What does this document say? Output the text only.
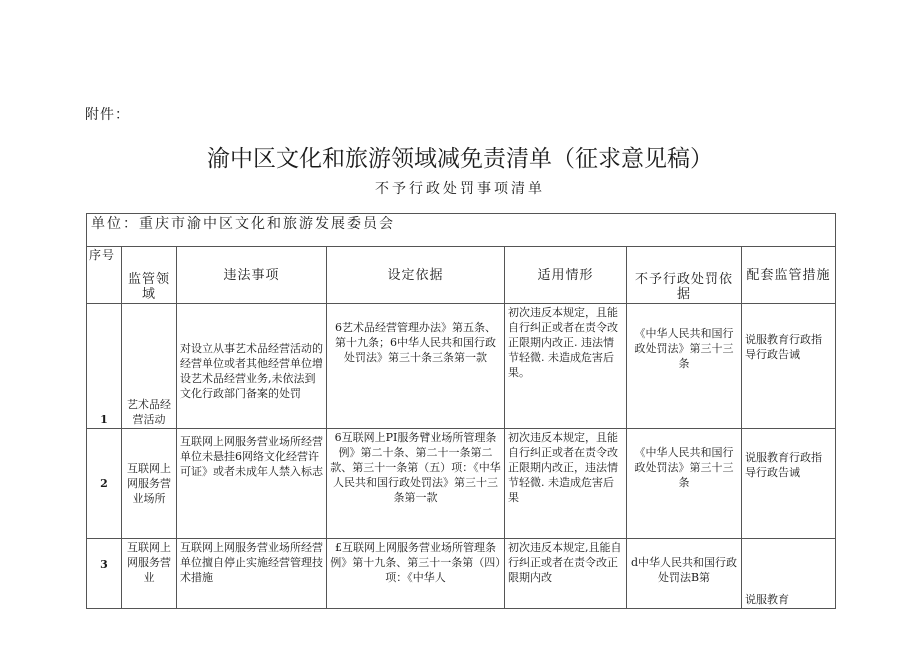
附件：
渝中区文化和旅游领域减免责清单（征求意见稿）
不予行政处罚事项清单
单位：重庆市渝中区文化和旅游发展委员会						
序号	监管领域	违法事项	设定依据	适用情形	不予行政处罚依据	配套监管措施
1	艺术品经营活动	对设立从事艺术品经营活动的经营单位或者其他经营单位增设艺术品经营业务,未依法到文化行政部门备案的处罚	6艺术品经营管理办法》第五条、第十九条；6中华人民共和国行政处罚法》第三十条三条第一款	初次违反本规定，且能自行纠正或者在责令改正限期内改正. 违法情节轻微. 未造成危害后果。	《中华人民共和国行政处罚法》第三十三条	说服教育行政指导行政告诫
2	互联网上网服务营业场所	互联网上网服务营业场所经营单位未悬挂6网络文化经营许可证》或者未成年人禁入标志	6互联网上PI服务臂业场所管理条例》第二十条、第二十一条第二款、第三十一条第（五）项：《中华人民共和国行政处罚法》第三十三条第一款	初次违反本规定，且能自行纠正或者在责令改正限期内改正，违法情节轻微. 未造成危害后果	《中华人民共和国行政处罚法》第三十三条	说服教育行政指导行政告诫
3	互联网上网服务营业	互联网上网服务营业场所经营单位擅自停止实施经营管理技术措施	£互联网上网服务营业场所管理条例》第十九条、第三十一条第（四）项：《中华人	初次违反本规定,且能自行纠正或者在责令改正限期内改	d中华人民共和国行政处罚法B第	说服教育
